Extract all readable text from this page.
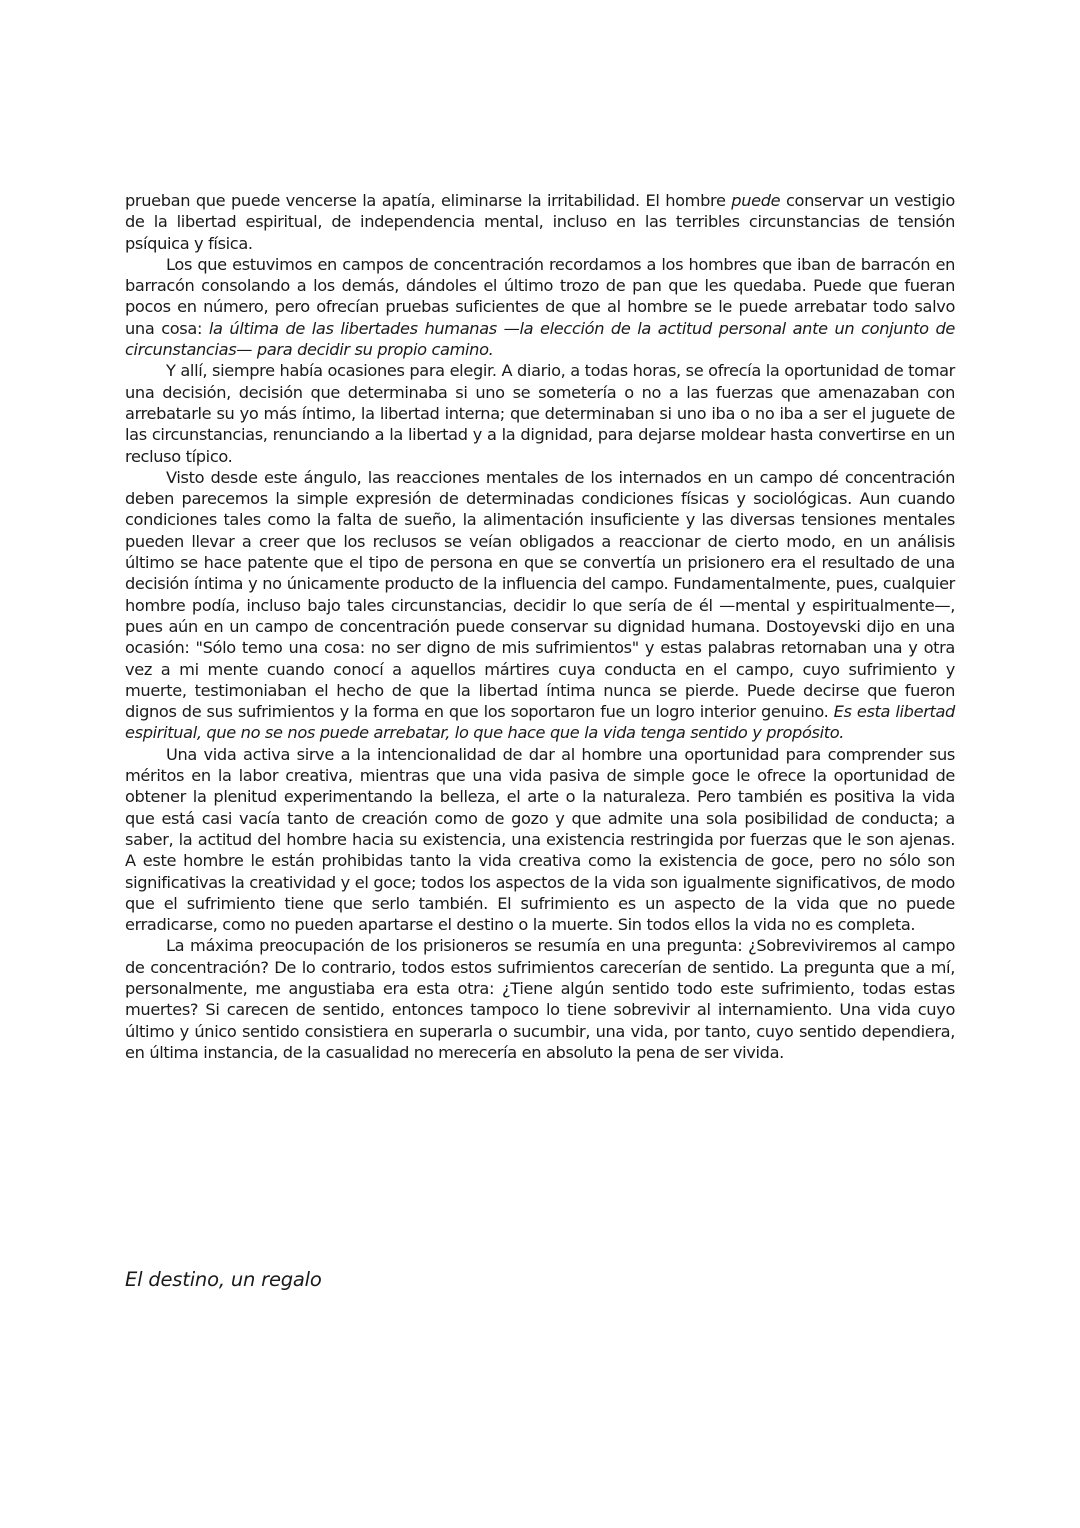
prueban que puede vencerse la apatía, eliminarse la irritabilidad. El hombre puede conservar un vestigio de la libertad espiritual, de independencia mental, incluso en las terribles circunstancias de tensión psíquica y física.

Los que estuvimos en campos de concentración recordamos a los hombres que iban de barracón en barracón consolando a los demás, dándoles el último trozo de pan que les quedaba. Puede que fueran pocos en número, pero ofrecían pruebas suficientes de que al hombre se le puede arrebatar todo salvo una cosa: la última de las libertades humanas —la elección de la actitud personal ante un conjunto de circunstancias— para decidir su propio camino.

Y allí, siempre había ocasiones para elegir. A diario, a todas horas, se ofrecía la oportunidad de tomar una decisión, decisión que determinaba si uno se sometería o no a las fuerzas que amenazaban con arrebatarle su yo más íntimo, la libertad interna; que determinaban si uno iba o no iba a ser el juguete de las circunstancias, renunciando a la libertad y a la dignidad, para dejarse moldear hasta convertirse en un recluso típico.

Visto desde este ángulo, las reacciones mentales de los internados en un campo dé concentración deben parecemos la simple expresión de determinadas condiciones físicas y sociológicas. Aun cuando condiciones tales como la falta de sueño, la alimentación insuficiente y las diversas tensiones mentales pueden llevar a creer que los reclusos se veían obligados a reaccionar de cierto modo, en un análisis último se hace patente que el tipo de persona en que se convertía un prisionero era el resultado de una decisión íntima y no únicamente producto de la influencia del campo. Fundamentalmente, pues, cualquier hombre podía, incluso bajo tales circunstancias, decidir lo que sería de él —mental y espiritualmente—, pues aún en un campo de concentración puede conservar su dignidad humana. Dostoyevski dijo en una ocasión: "Sólo temo una cosa: no ser digno de mis sufrimientos" y estas palabras retornaban una y otra vez a mi mente cuando conocí a aquellos mártires cuya conducta en el campo, cuyo sufrimiento y muerte, testimoniaban el hecho de que la libertad íntima nunca se pierde. Puede decirse que fueron dignos de sus sufrimientos y la forma en que los soportaron fue un logro interior genuino. Es esta libertad espiritual, que no se nos puede arrebatar, lo que hace que la vida tenga sentido y propósito.

Una vida activa sirve a la intencionalidad de dar al hombre una oportunidad para comprender sus méritos en la labor creativa, mientras que una vida pasiva de simple goce le ofrece la oportunidad de obtener la plenitud experimentando la belleza, el arte o la naturaleza. Pero también es positiva la vida que está casi vacía tanto de creación como de gozo y que admite una sola posibilidad de conducta; a saber, la actitud del hombre hacia su existencia, una existencia restringida por fuerzas que le son ajenas. A este hombre le están prohibidas tanto la vida creativa como la existencia de goce, pero no sólo son significativas la creatividad y el goce; todos los aspectos de la vida son igualmente significativos, de modo que el sufrimiento tiene que serlo también. El sufrimiento es un aspecto de la vida que no puede erradicarse, como no pueden apartarse el destino o la muerte. Sin todos ellos la vida no es completa.

La máxima preocupación de los prisioneros se resumía en una pregunta: ¿Sobreviviremos al campo de concentración? De lo contrario, todos estos sufrimientos carecerían de sentido. La pregunta que a mí, personalmente, me angustiaba era esta otra: ¿Tiene algún sentido todo este sufrimiento, todas estas muertes? Si carecen de sentido, entonces tampoco lo tiene sobrevivir al internamiento. Una vida cuyo último y único sentido consistiera en superarla o sucumbir, una vida, por tanto, cuyo sentido dependiera, en última instancia, de la casualidad no merecería en absoluto la pena de ser vivida.

El destino, un regalo
